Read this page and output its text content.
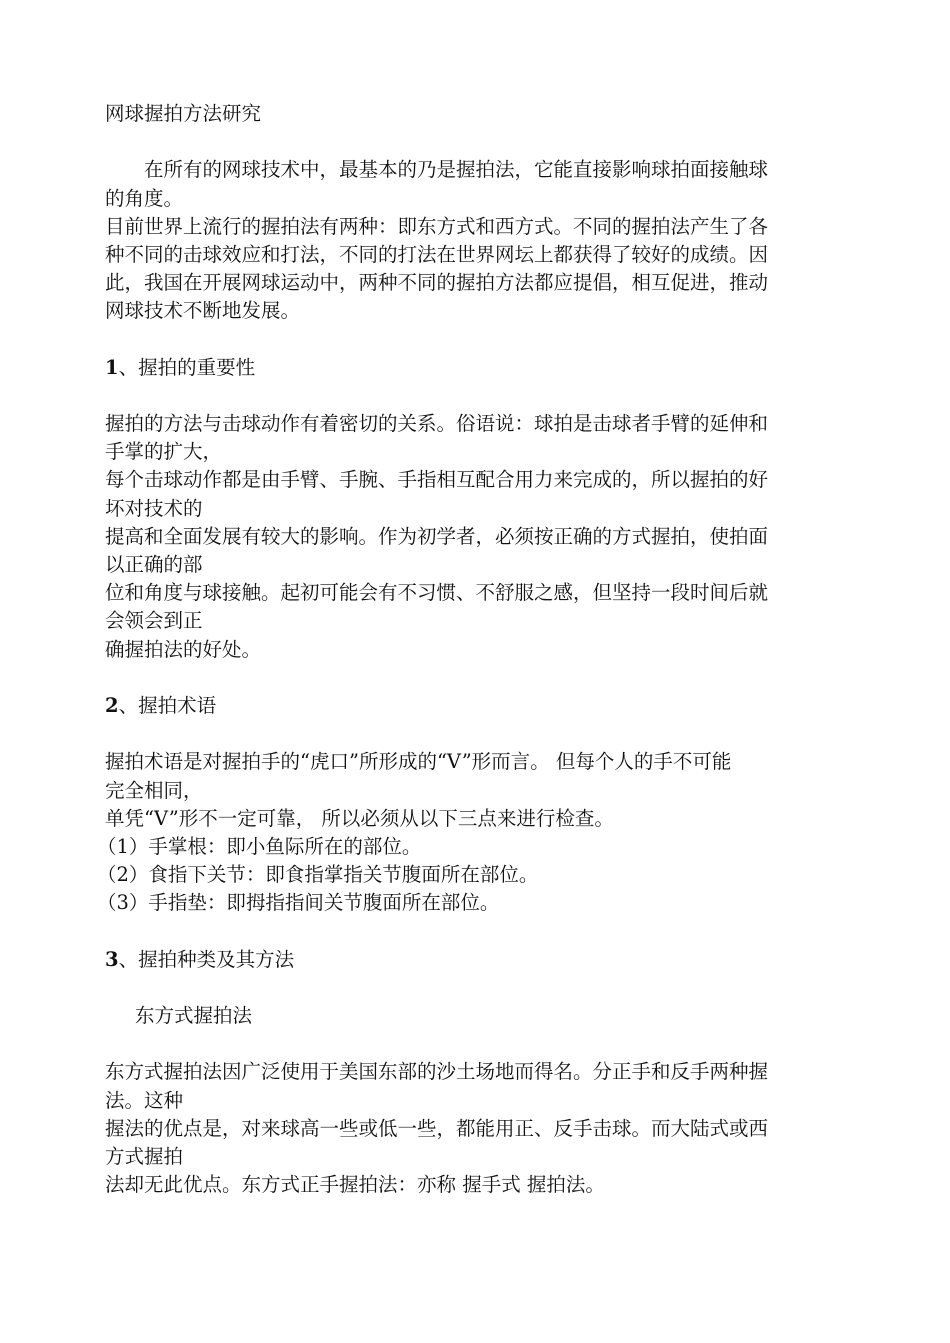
网球握拍方法研究
在所有的网球技术中，最基本的乃是握拍法，它能直接影响球拍面接触球
的角度。
目前世界上流行的握拍法有两种：即东方式和西方式。不同的握拍法产生了各
种不同的击球效应和打法，不同的打法在世界网坛上都获得了较好的成绩。因
此，我国在开展网球运动中，两种不同的握拍方法都应提倡，相互促进，推动
网球技术不断地发展。
1、握拍的重要性
握拍的方法与击球动作有着密切的关系。俗语说：球拍是击球者手臂的延伸和
手掌的扩大，
每个击球动作都是由手臂、手腕、手指相互配合用力来完成的，所以握拍的好
坏对技术的
提高和全面发展有较大的影响。作为初学者，必须按正确的方式握拍，使拍面
以正确的部
位和角度与球接触。起初可能会有不习惯、不舒服之感，但坚持一段时间后就
会领会到正
确握拍法的好处。
2、握拍术语
握拍术语是对握拍手的“虎口”所形成的“V”形而言。 但每个人的手不可能
完全相同，
单凭“V”形不一定可靠， 所以必须从以下三点来进行检查。
（1）手掌根：即小鱼际所在的部位。
（2）食指下关节：即食指掌指关节腹面所在部位。
（3）手指垫：即拇指指间关节腹面所在部位。
3、握拍种类及其方法
东方式握拍法
东方式握拍法因广泛使用于美国东部的沙土场地而得名。分正手和反手两种握
法。这种
握法的优点是，对来球高一些或低一些，都能用正、反手击球。而大陆式或西
方式握拍
法却无此优点。东方式正手握拍法：亦称 握手式 握拍法。
